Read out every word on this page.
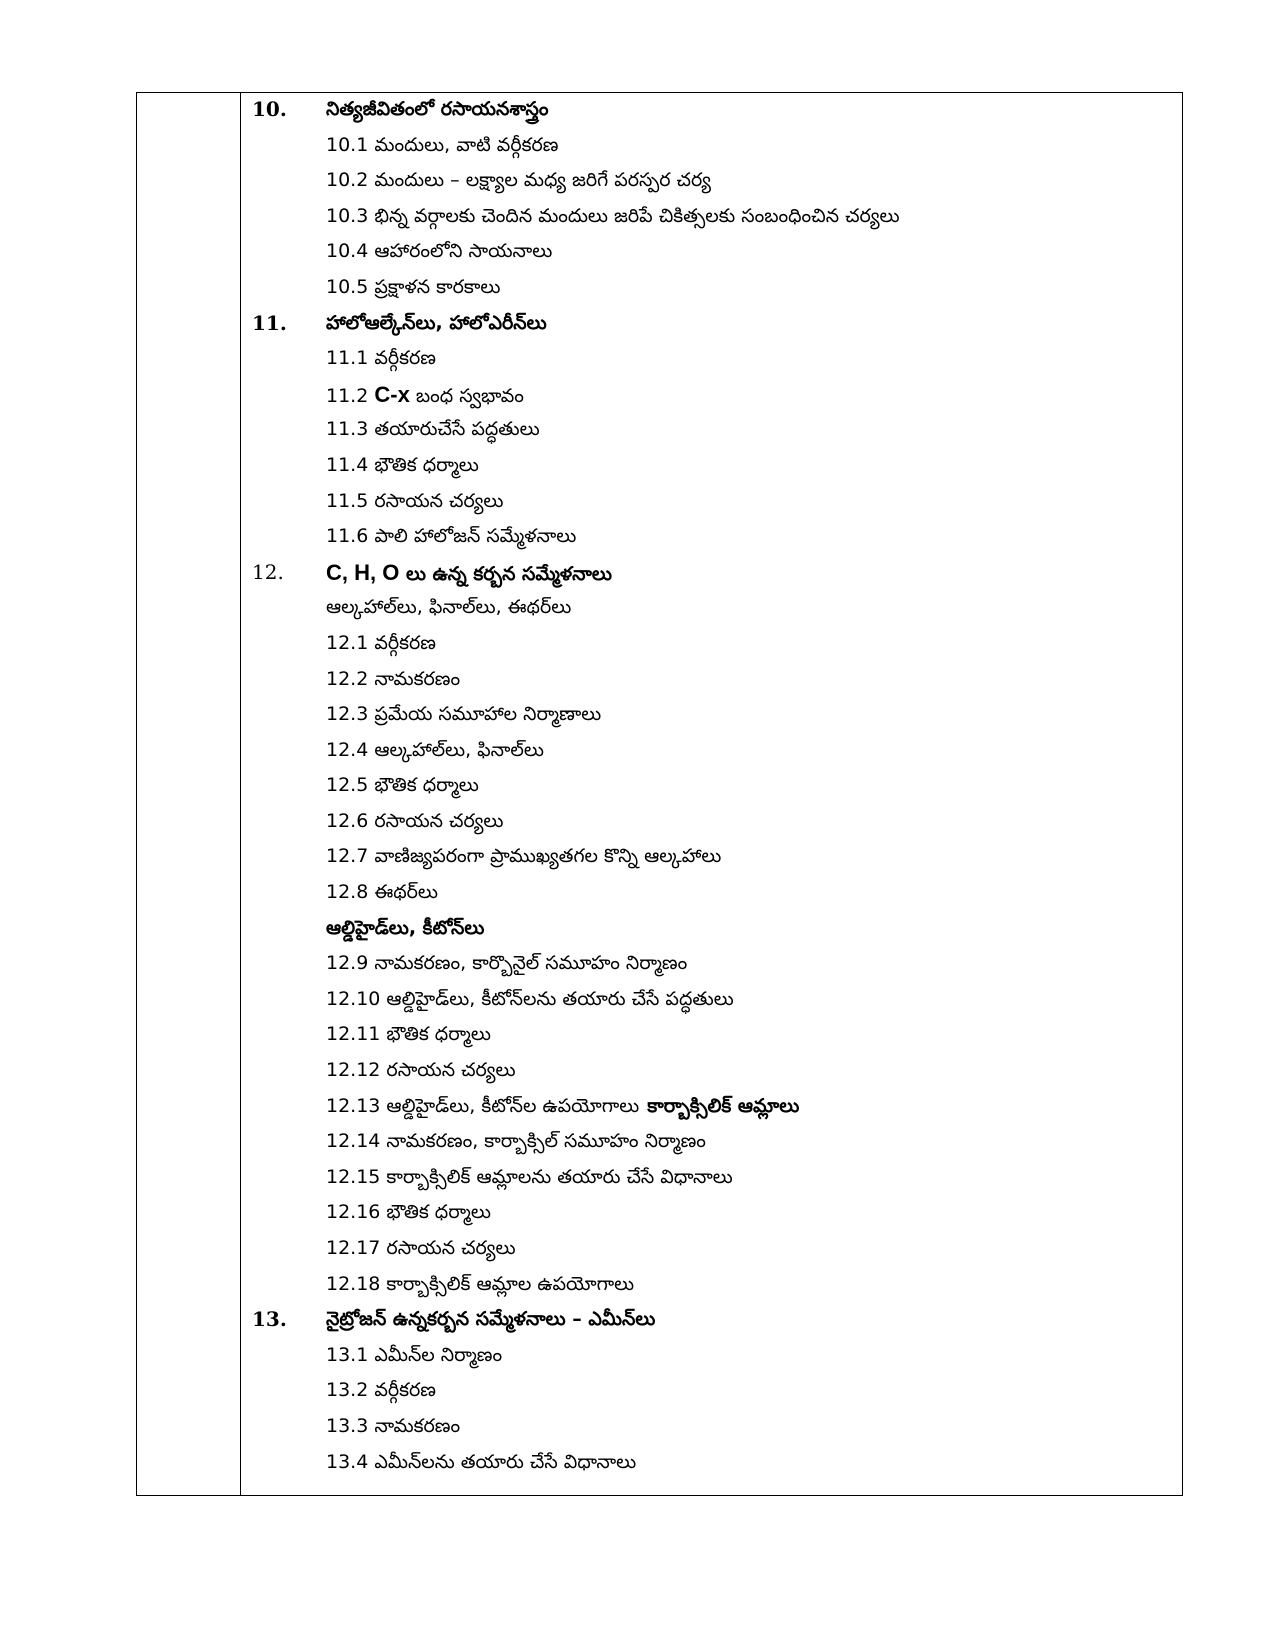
10. నిత్యజీవితంలో రసాయనశాస్త్రం
10.1 మందులు, వాటి వర్గీకరణ
10.2 మందులు – లక్ష్యాల మధ్య జరిగే పరస్పర చర్య
10.3 భిన్న వర్గాలకు చెందిన మందులు జరిపే చికిత్సలకు సంబంధించిన చర్యలు
10.4 ఆహారంలోని సాయనాలు
10.5 ప్రక్షాళన కారకాలు
11. హాలోఆల్కేన్‌లు, హాలోఎరీన్‌లు
11.1 వర్గీకరణ
11.2 C-x బంధ స్వభావం
11.3 తయారుచేసే పద్ధతులు
11.4 భౌతిక ధర్మాలు
11.5 రసాయన చర్యలు
11.6 పాలి హాలోజన్ సమ్మేళనాలు
12. C, H, O లు ఉన్న కర్బన సమ్మేళనాలు
ఆల్కహాల్‌లు, ఫినాల్‌లు, ఈథర్‌లు
12.1 వర్గీకరణ
12.2 నామకరణం
12.3 ప్రమేయ సమూహాల నిర్మాణాలు
12.4 ఆల్కహాల్‌లు, ఫినాల్‌లు
12.5 భౌతిక ధర్మాలు
12.6 రసాయన చర్యలు
12.7 వాణిజ్యపరంగా ప్రాముఖ్యతగల కొన్ని ఆల్కహాలు
12.8 ఈథర్‌లు
ఆల్డిహైడ్‌లు, కీటోన్‌లు
12.9 నామకరణం, కార్బొనైల్ సమూహం నిర్మాణం
12.10 ఆల్డిహైడ్‌లు, కీటోన్‌లను తయారు చేసే పద్ధతులు
12.11 భౌతిక ధర్మాలు
12.12 రసాయన చర్యలు
12.13 ఆల్డిహైడ్‌లు, కీటోన్‌ల ఉపయోగాలు కార్బాక్సిలిక్ ఆమ్లాలు
12.14 నామకరణం, కార్బాక్సిల్ సమూహం నిర్మాణం
12.15 కార్బాక్సిలిక్ ఆమ్లాలను తయారు చేసే విధానాలు
12.16 భౌతిక ధర్మాలు
12.17 రసాయన చర్యలు
12.18 కార్బాక్సిలిక్ ఆమ్లాల ఉపయోగాలు
13. నైట్రోజన్ ఉన్నకర్బన సమ్మేళనాలు – ఎమీన్‌లు
13.1 ఎమీన్‌ల నిర్మాణం
13.2 వర్గీకరణ
13.3 నామకరణం
13.4 ఎమీన్‌లను తయారు చేసే విధానాలు
